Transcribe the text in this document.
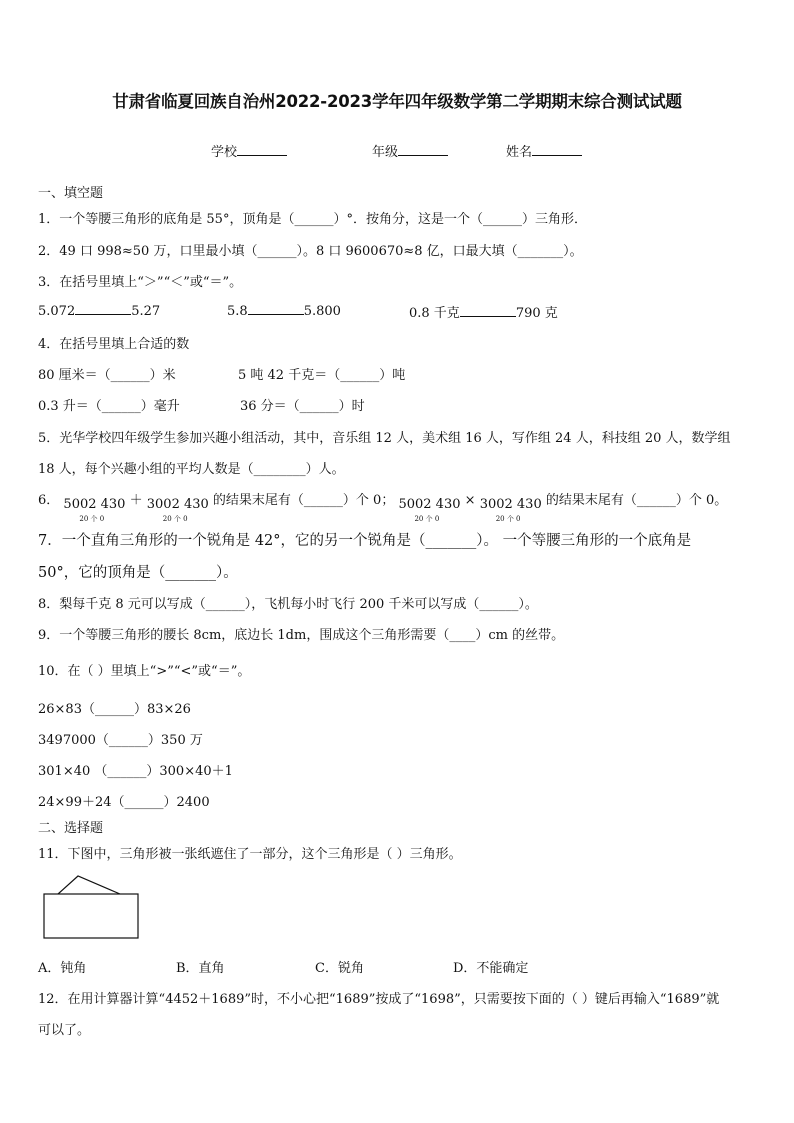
甘肃省临夏回族自治州2022-2023学年四年级数学第二学期期末综合测试试题
学校	年级	姓名
一、填空题
1．一个等腰三角形的底角是 55°，顶角是（______）°．按角分，这是一个（______）三角形．
2．49 口 998≈50 万，口里最小填（______）。8 口 9600670≈8 亿，口最大填（_______）。
3．在括号里填上“＞”“＜”或“＝”。
5.072	5.27	5.8	5.800	0.8 千克	790 克
4．在括号里填上合适的数
80 厘米＝（______）米	5 吨 42 千克＝（______）吨
0.3 升＝（______）毫升	36 分＝（______）时
5．光华学校四年级学生参加兴趣小组活动，其中，音乐组 12 人，美术组 16 人，写作组 24 人，科技组 20 人，数学组
18 人，每个兴趣小组的平均人数是（________）人。
6． 5002 430
20 个 0
＋ 3002 430
20 个 0
的结果末尾有（______）个 0； 5002 430
20 个 0
× 3002 430
20 个 0
的结果末尾有（______）个 0。
7．一个直角三角形的一个锐角是 42°，它的另一个锐角是（_______）。 一个等腰三角形的一个底角是
50°，它的顶角是（_______）。
8．梨每千克 8 元可以写成（______），飞机每小时飞行 200 千米可以写成（______）。
9．一个等腰三角形的腰长 8cm，底边长 1dm，围成这个三角形需要（____）cm 的丝带。
10．在（ ）里填上“>”“<”或“＝”。
26×83（______）83×26
3497000（______）350 万
301×40 （______）300×40＋1
24×99＋24（______）2400
二、选择题
11．下图中，三角形被一张纸遮住了一部分，这个三角形是（ ）三角形。
A．钝角	B．直角	C．锐角	D．不能确定
12．在用计算器计算“4452＋1689”时，不小心把“1689”按成了“1698”，只需要按下面的（ ）键后再输入“1689”就
可以了。
